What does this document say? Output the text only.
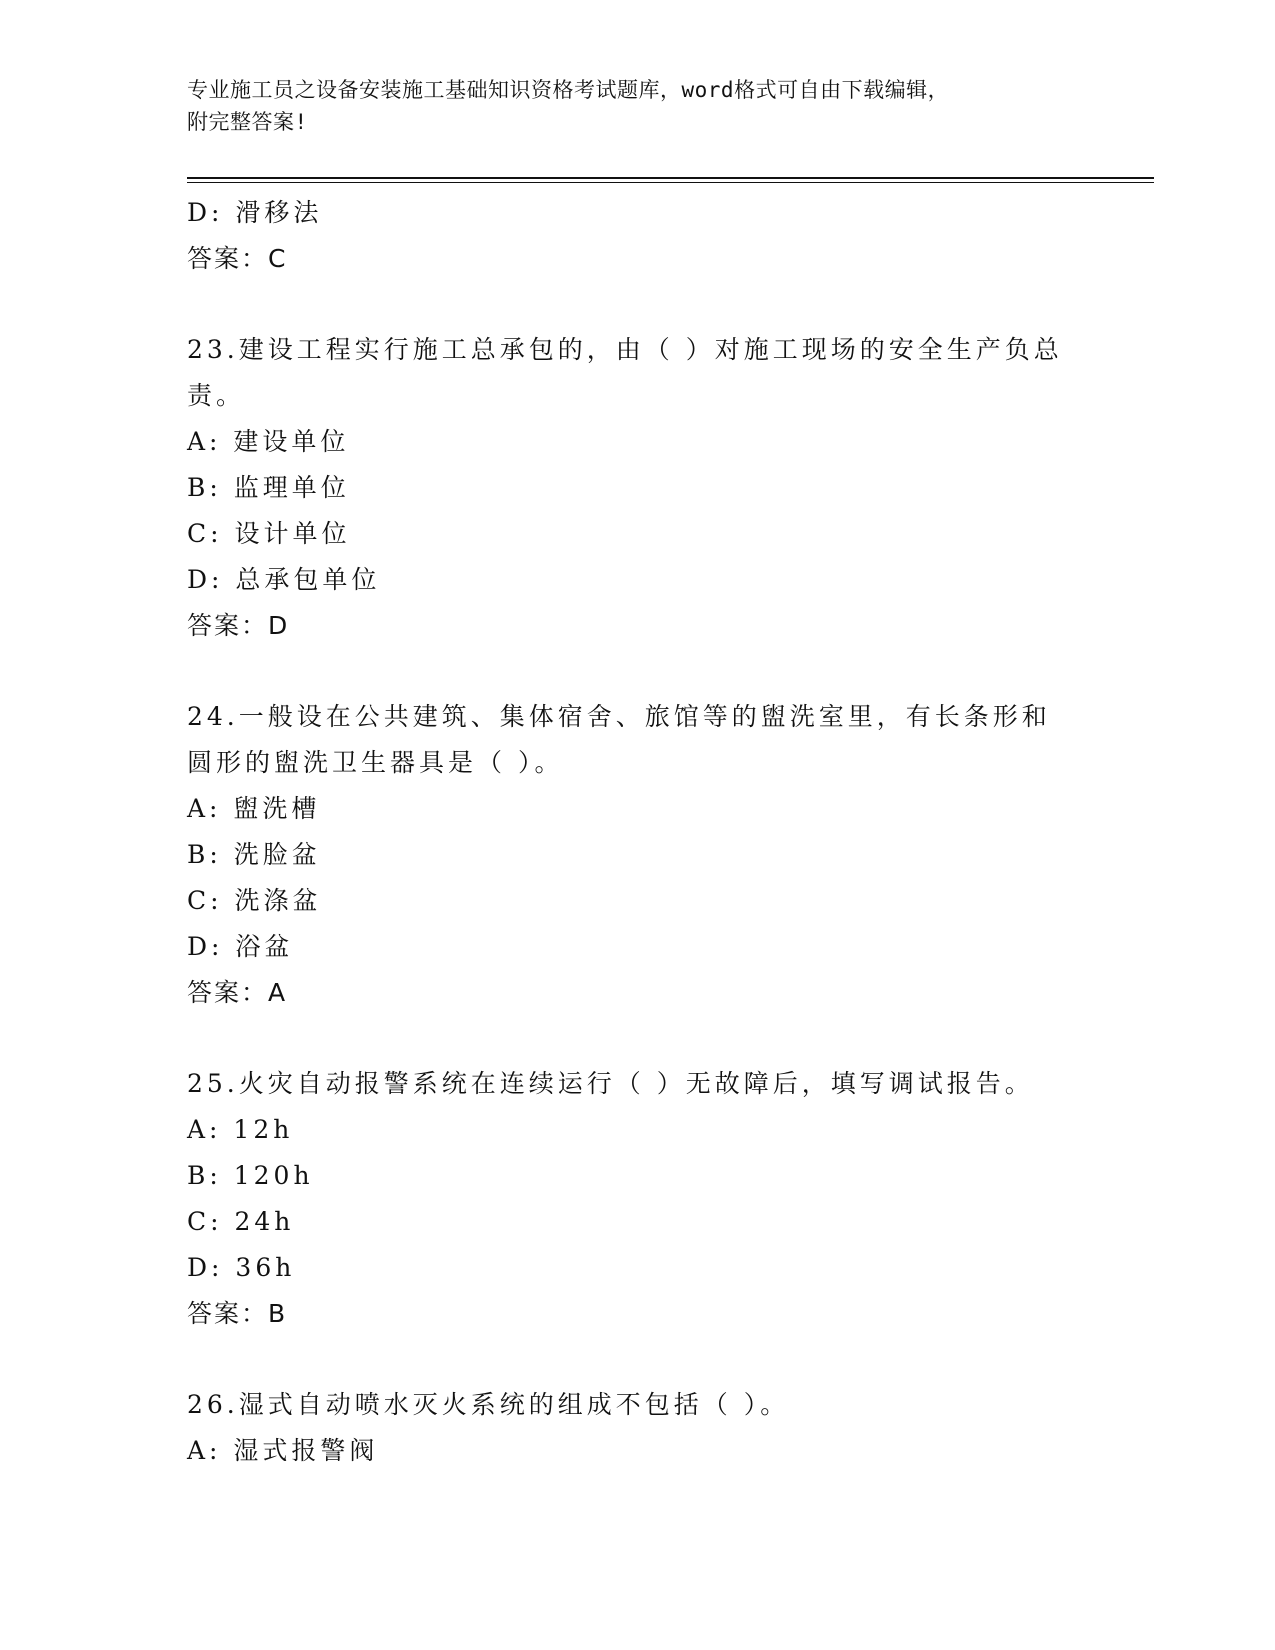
专业施工员之设备安装施工基础知识资格考试题库，word格式可自由下载编辑，
附完整答案!
D: 滑移法
答案：C
23.建设工程实行施工总承包的，由（ ）对施工现场的安全生产负总责。
A: 建设单位
B: 监理单位
C: 设计单位
D: 总承包单位
答案：D
24.一般设在公共建筑、集体宿舍、旅馆等的盥洗室里，有长条形和圆形的盥洗卫生器具是（ ）。
A: 盥洗槽
B: 洗脸盆
C: 洗涤盆
D: 浴盆
答案：A
25.火灾自动报警系统在连续运行（ ）无故障后，填写调试报告。
A: 12h
B: 120h
C: 24h
D: 36h
答案：B
26.湿式自动喷水灭火系统的组成不包括（ ）。
A: 湿式报警阀
